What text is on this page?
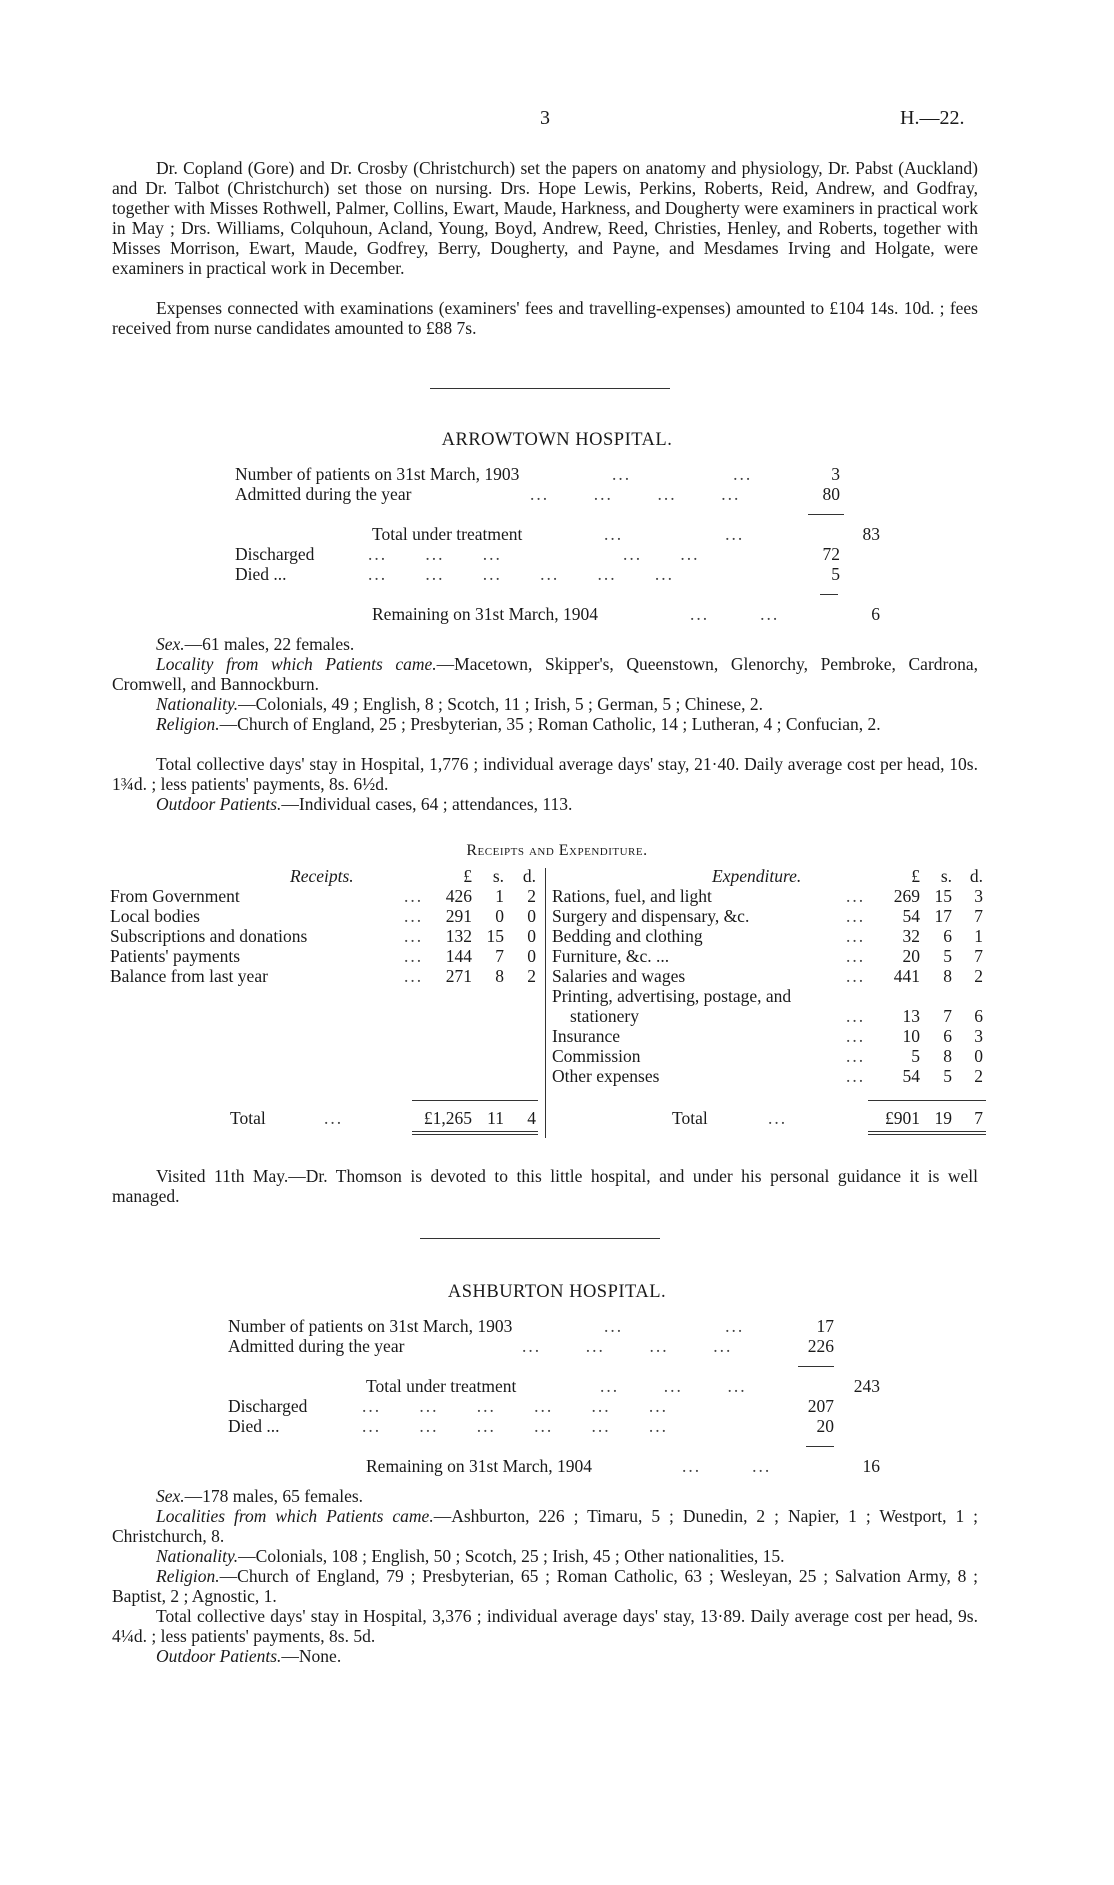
3	H.—22.
Dr. Copland (Gore) and Dr. Crosby (Christchurch) set the papers on anatomy and physiology, Dr. Pabst (Auckland) and Dr. Talbot (Christchurch) set those on nursing. Drs. Hope Lewis, Perkins, Roberts, Reid, Andrew, and Godfray, together with Misses Rothwell, Palmer, Collins, Ewart, Maude, Harkness, and Dougherty were examiners in practical work in May ; Drs. Williams, Colquhoun, Acland, Young, Boyd, Andrew, Reed, Christies, Henley, and Roberts, together with Misses Morrison, Ewart, Maude, Godfrey, Berry, Dougherty, and Payne, and Mesdames Irving and Holgate, were examiners in practical work in December.
Expenses connected with examinations (examiners' fees and travelling-expenses) amounted to £104 14s. 10d. ; fees received from nurse candidates amounted to £88 7s.
ARROWTOWN HOSPITAL.
Number of patients on 31st March, 1903	...                ...	3
Admitted during the year	...       ...       ...       ...	80
Total under treatment	...                ...	83
Discharged	...      ...      ...                   ...      ...	72
Died ...	...      ...      ...      ...      ...      ...	5
Remaining on 31st March, 1904	...        ...	6
Sex.—61 males, 22 females.
Locality from which Patients came.—Macetown, Skipper's, Queenstown, Glenorchy, Pembroke, Cardrona, Cromwell, and Bannockburn.
Nationality.—Colonials, 49 ; English, 8 ; Scotch, 11 ; Irish, 5 ; German, 5 ; Chinese, 2.
Religion.—Church of England, 25 ; Presbyterian, 35 ; Roman Catholic, 14 ; Lutheran, 4 ; Confucian, 2.
Total collective days' stay in Hospital, 1,776 ; individual average days' stay, 21·40. Daily average cost per head, 10s. 1¾d. ; less patients' payments, 8s. 6½d.
Outdoor Patients.—Individual cases, 64 ; attendances, 113.
Receipts and Expenditure.
Receipts.	£	s.	d.
From Government	...	426	1	2
Local bodies	...	291	0	0
Subscriptions and donations	...	132 15	0
Patients' payments	...	144	7	0
Balance from last year	...	271	8	2
Total	...	£1,265 11	4
Expenditure.	£	s.	d.
Rations, fuel, and light	...	269 15	3
Surgery and dispensary, &c.	...	54 17	7
Bedding and clothing	...	32	6	1
Furniture, &c. ...	...	20	5	7
Salaries and wages	...	441	8	2
Printing, advertising, postage, and
stationery	...	13	7	6
Insurance	...	10	6	3
Commission	...	5	8	0
Other expenses	...	54	5	2
Total	...	£901 19	7
Visited 11th May.—Dr. Thomson is devoted to this little hospital, and under his personal guidance it is well managed.
ASHBURTON HOSPITAL.
Number of patients on 31st March, 1903	...                ...	17
Admitted during the year	...       ...       ...       ...	226
Total under treatment	...       ...       ...	243
Discharged	...      ...      ...      ...      ...      ...	207
Died ...	...      ...      ...      ...      ...      ...	20
Remaining on 31st March, 1904	...        ...	16
Sex.—178 males, 65 females.
Localities from which Patients came.—Ashburton, 226 ; Timaru, 5 ; Dunedin, 2 ; Napier, 1 ; Westport, 1 ; Christchurch, 8.
Nationality.—Colonials, 108 ; English, 50 ; Scotch, 25 ; Irish, 45 ; Other nationalities, 15.
Religion.—Church of England, 79 ; Presbyterian, 65 ; Roman Catholic, 63 ; Wesleyan, 25 ; Salvation Army, 8 ; Baptist, 2 ; Agnostic, 1.
Total collective days' stay in Hospital, 3,376 ; individual average days' stay, 13·89. Daily average cost per head, 9s. 4¼d. ; less patients' payments, 8s. 5d.
Outdoor Patients.—None.
